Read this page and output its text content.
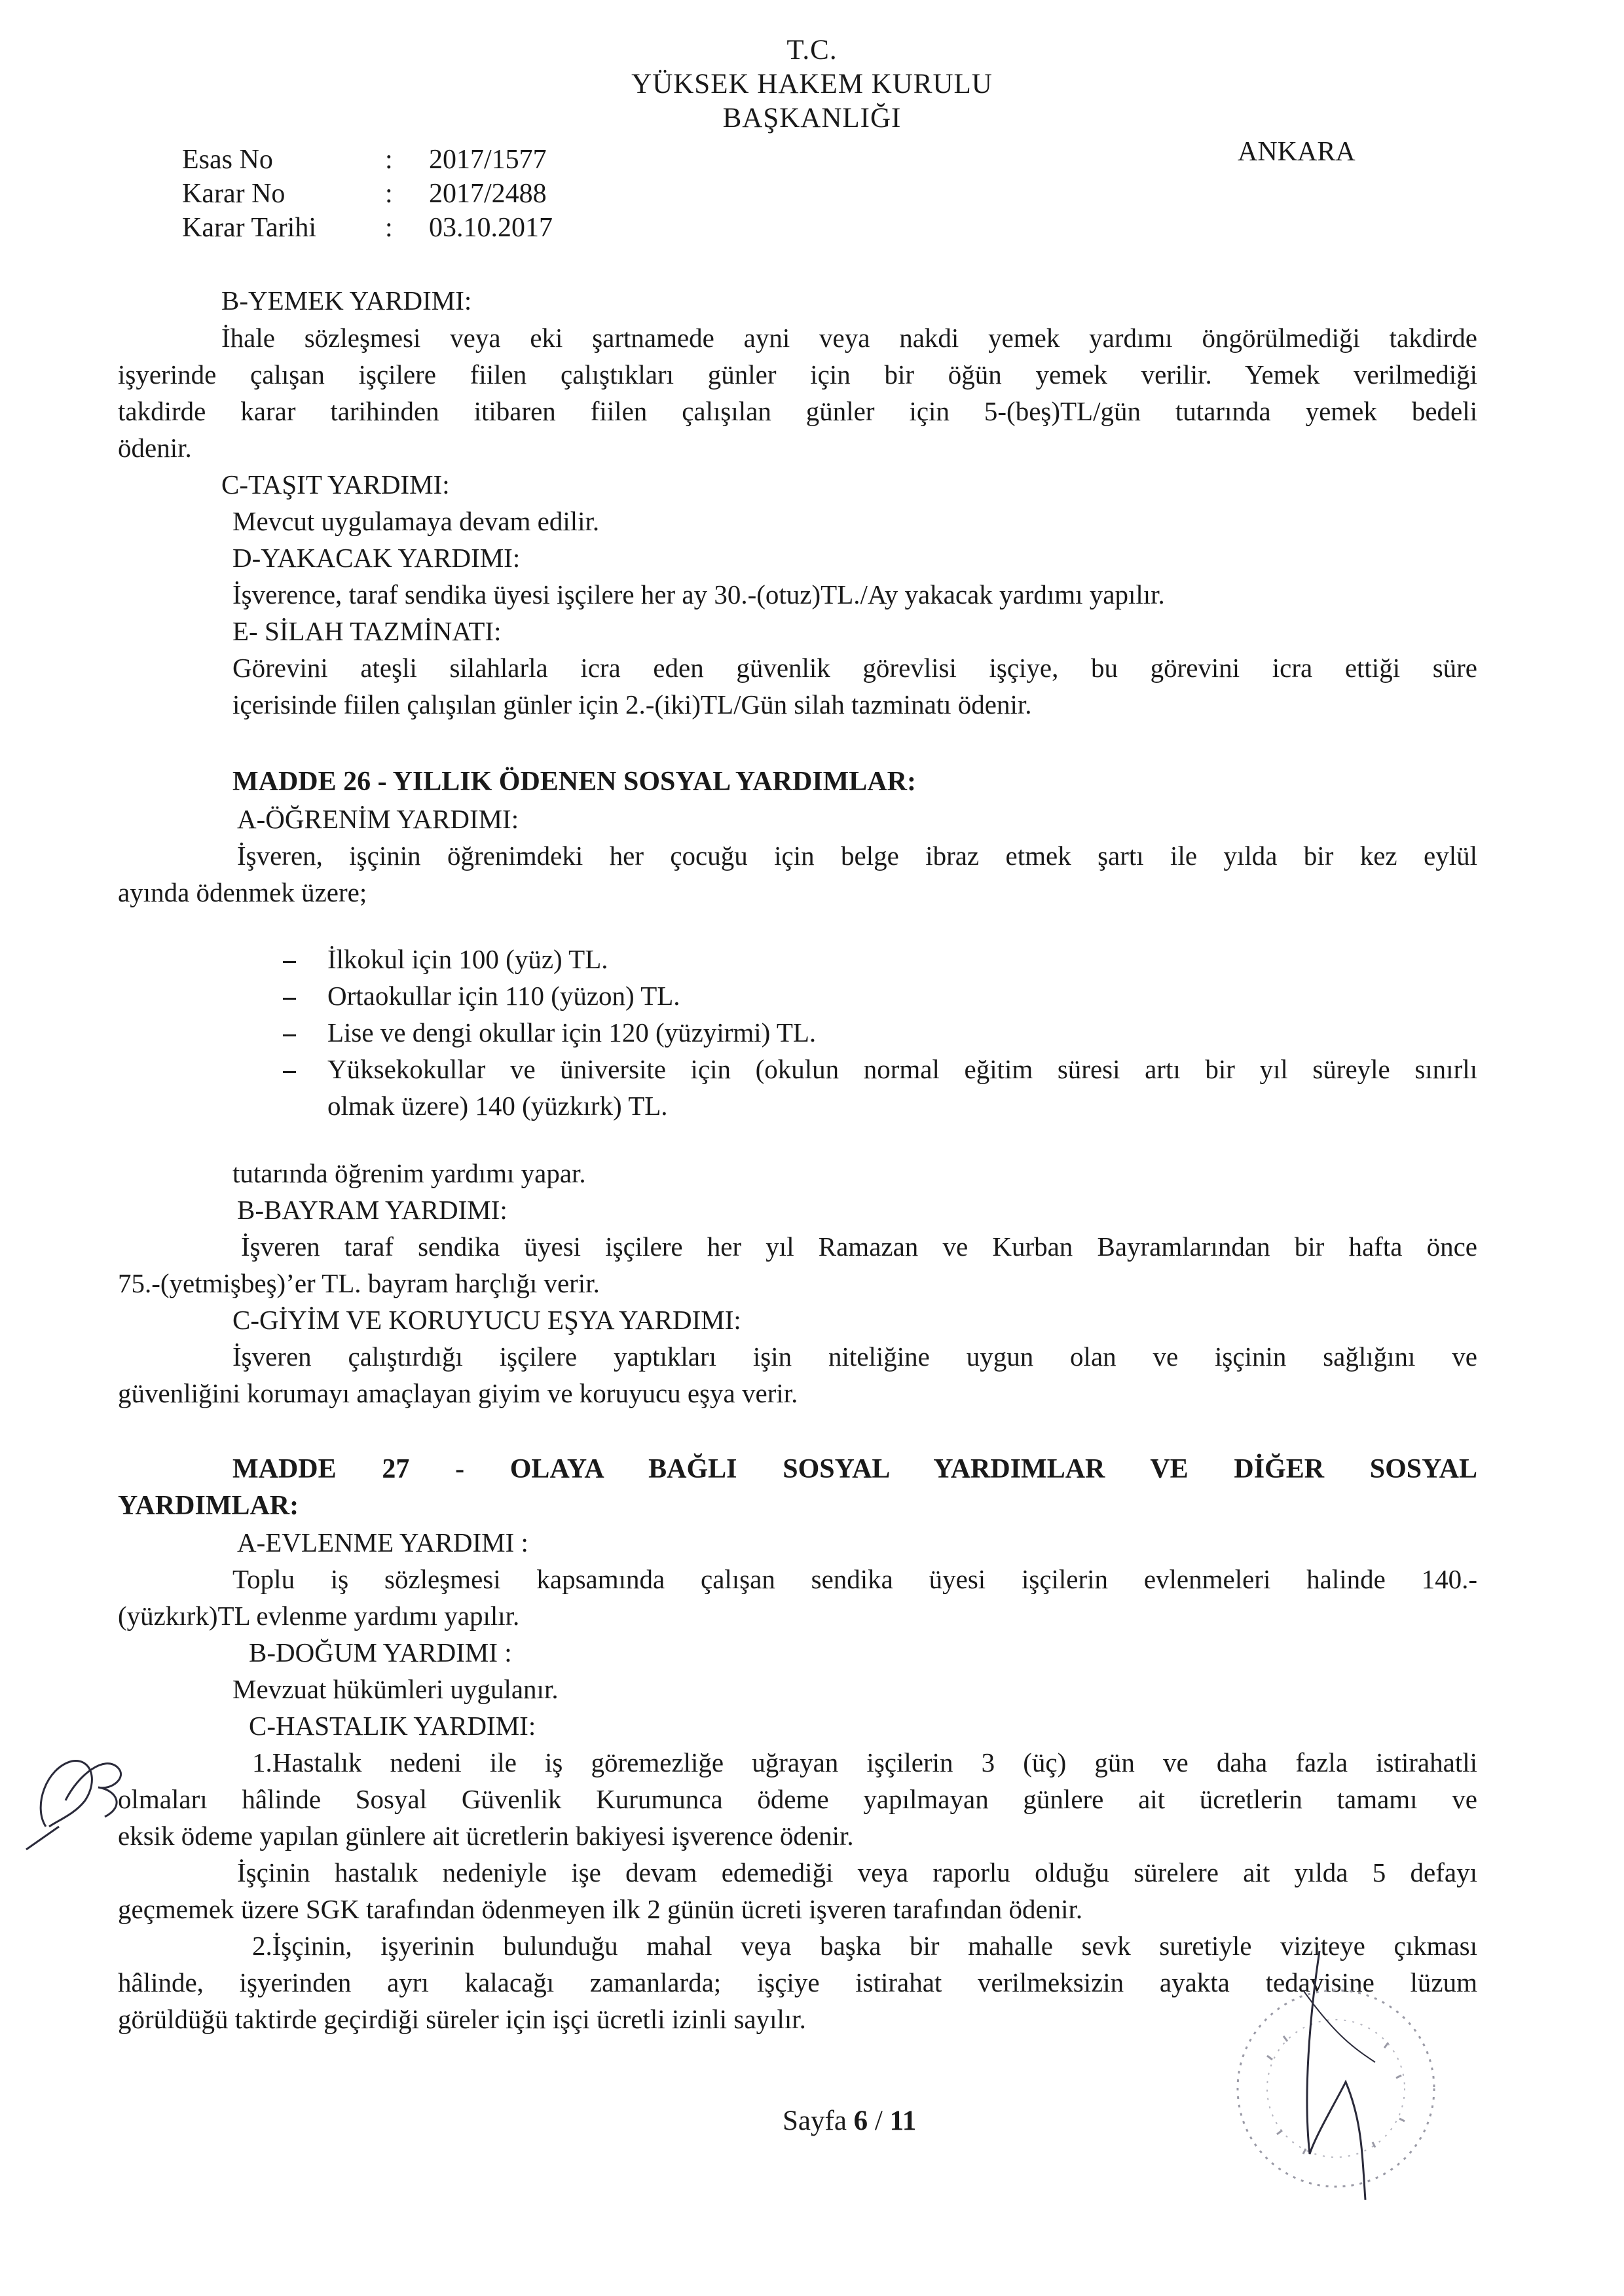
T.C.
YÜKSEK HAKEM KURULU
BAŞKANLIĞI
ANKARA
Esas No	: 2017/1577
Karar No	: 2017/2488
Karar Tarihi : 03.10.2017
B-YEMEK YARDIMI:
İhale sözleşmesi veya eki şartnamede ayni veya nakdi yemek yardımı öngörülmediği takdirde
işyerinde çalışan işçilere fiilen çalıştıkları günler için bir öğün yemek verilir. Yemek verilmediği
takdirde karar tarihinden itibaren fiilen çalışılan günler için 5-(beş)TL/gün tutarında yemek bedeli
ödenir.
C-TAŞIT YARDIMI:
Mevcut uygulamaya devam edilir.
D-YAKACAK YARDIMI:
İşverence, taraf sendika üyesi işçilere her ay 30.-(otuz)TL./Ay yakacak yardımı yapılır.
E- SİLAH TAZMİNATI:
Görevini ateşli silahlarla icra eden güvenlik görevlisi işçiye, bu görevini icra ettiği süre
içerisinde fiilen çalışılan günler için 2.-(iki)TL/Gün silah tazminatı ödenir.
MADDE 26 - YILLIK ÖDENEN SOSYAL YARDIMLAR:
A-ÖĞRENİM YARDIMI:
İşveren, işçinin öğrenimdeki her çocuğu için belge ibraz etmek şartı ile yılda bir kez eylül
ayında ödenmek üzere;
İlkokul için 100 (yüz) TL.
Ortaokullar için 110 (yüzon) TL.
Lise ve dengi okullar için 120 (yüzyirmi) TL.
Yüksekokullar ve üniversite için (okulun normal eğitim süresi artı bir yıl süreyle sınırlı
olmak üzere) 140 (yüzkırk) TL.
tutarında öğrenim yardımı yapar.
B-BAYRAM YARDIMI:
İşveren taraf sendika üyesi işçilere her yıl Ramazan ve Kurban Bayramlarından bir hafta önce
75.-(yetmişbeş)’er TL. bayram harçlığı verir.
C-GİYİM VE KORUYUCU EŞYA YARDIMI:
İşveren çalıştırdığı işçilere yaptıkları işin niteliğine uygun olan ve işçinin sağlığını ve
güvenliğini korumayı amaçlayan giyim ve koruyucu eşya verir.
MADDE 27 - OLAYA BAĞLI SOSYAL YARDIMLAR VE DİĞER SOSYAL
YARDIMLAR:
A-EVLENME YARDIMI :
Toplu iş sözleşmesi kapsamında çalışan sendika üyesi işçilerin evlenmeleri halinde 140.-
(yüzkırk)TL evlenme yardımı yapılır.
B-DOĞUM YARDIMI :
Mevzuat hükümleri uygulanır.
C-HASTALIK YARDIMI:
1.Hastalık nedeni ile iş göremezliğe uğrayan işçilerin 3 (üç) gün ve daha fazla istirahatli
olmaları hâlinde Sosyal Güvenlik Kurumunca ödeme yapılmayan günlere ait ücretlerin tamamı ve
eksik ödeme yapılan günlere ait ücretlerin bakiyesi işverence ödenir.
İşçinin hastalık nedeniyle işe devam edemediği veya raporlu olduğu sürelere ait yılda 5 defayı
geçmemek üzere SGK tarafından ödenmeyen ilk 2 günün ücreti işveren tarafından ödenir.
2.İşçinin, işyerinin bulunduğu mahal veya başka bir mahalle sevk suretiyle viziteye çıkması
hâlinde, işyerinden ayrı kalacağı zamanlarda; işçiye istirahat verilmeksizin ayakta tedavisine lüzum
görüldüğü taktirde geçirdiği süreler için işçi ücretli izinli sayılır.
Sayfa 6 / 11
